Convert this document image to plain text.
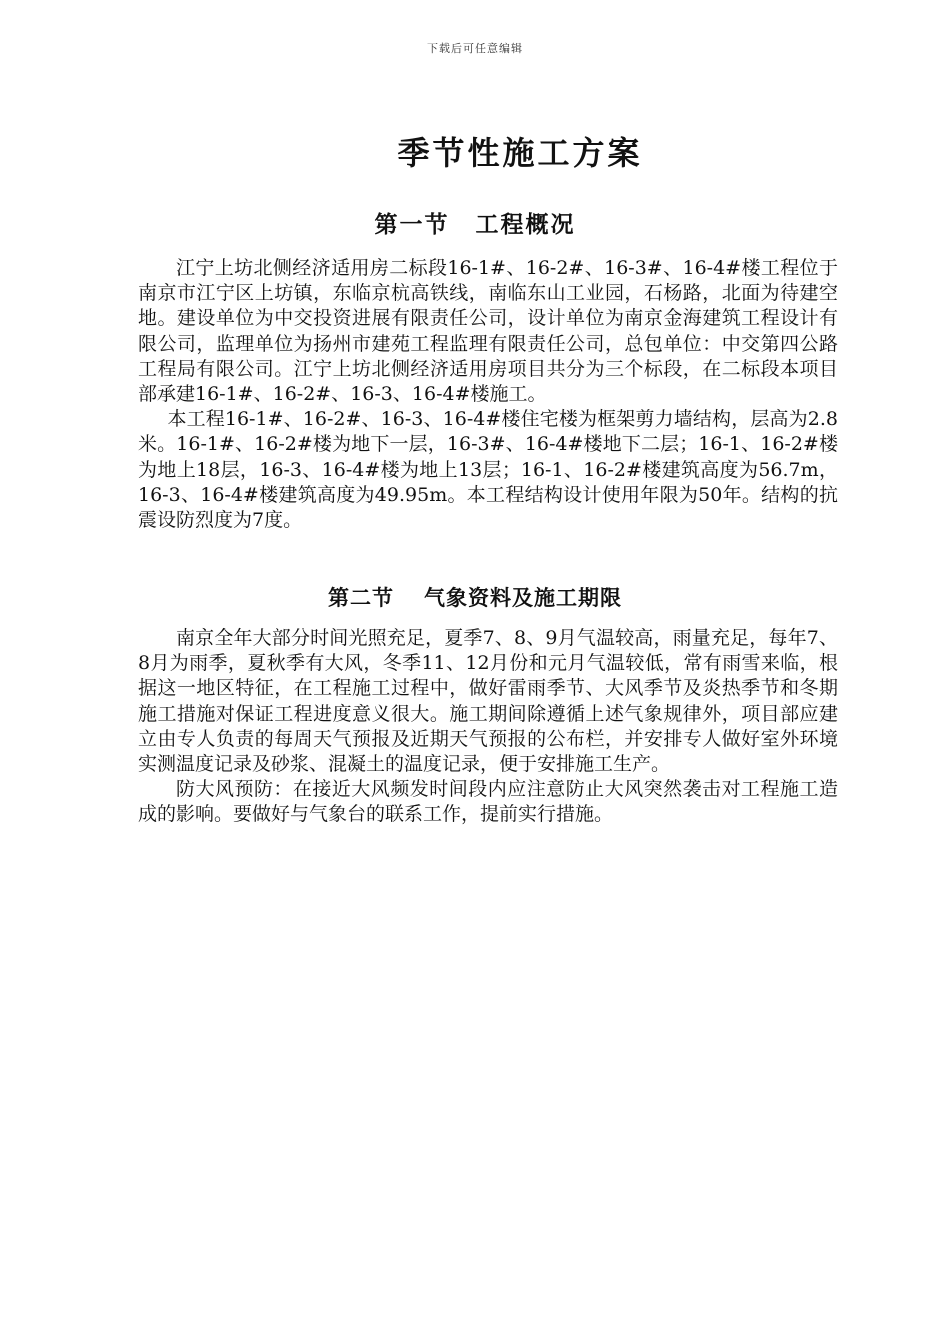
下载后可任意编辑
季节性施工方案
第一节 工程概况

江宁上坊北侧经济适用房二标段16-1#、16-2#、16-3#、16-4#楼工程位于南京市江宁区上坊镇，东临京杭高铁线，南临东山工业园，石杨路，北面为待建空地。建设单位为中交投资进展有限责任公司，设计单位为南京金海建筑工程设计有限公司，监理单位为扬州市建苑工程监理有限责任公司，总包单位：中交第四公路工程局有限公司。江宁上坊北侧经济适用房项目共分为三个标段，在二标段本项目部承建16-1#、16-2#、16-3、16-4#楼施工。

本工程16-1#、16-2#、16-3、16-4#楼住宅楼为框架剪力墙结构，层高为2.8米。16-1#、16-2#楼为地下一层，16-3#、16-4#楼地下二层；16-1、16-2#楼为地上18层，16-3、16-4#楼为地上13层；16-1、16-2#楼建筑高度为56.7m，16-3、16-4#楼建筑高度为49.95m。本工程结构设计使用年限为50年。结构的抗震设防烈度为7度。

第二节 气象资料及施工期限

南京全年大部分时间光照充足，夏季7、8、9月气温较高，雨量充足，每年7、8月为雨季，夏秋季有大风，冬季11、12月份和元月气温较低，常有雨雪来临，根据这一地区特征，在工程施工过程中，做好雷雨季节、大风季节及炎热季节和冬期施工措施对保证工程进度意义很大。施工期间除遵循上述气象规律外，项目部应建立由专人负责的每周天气预报及近期天气预报的公布栏，并安排专人做好室外环境实测温度记录及砂浆、混凝土的温度记录，便于安排施工生产。

防大风预防：在接近大风频发时间段内应注意防止大风突然袭击对工程施工造成的影响。要做好与气象台的联系工作，提前实行措施。
